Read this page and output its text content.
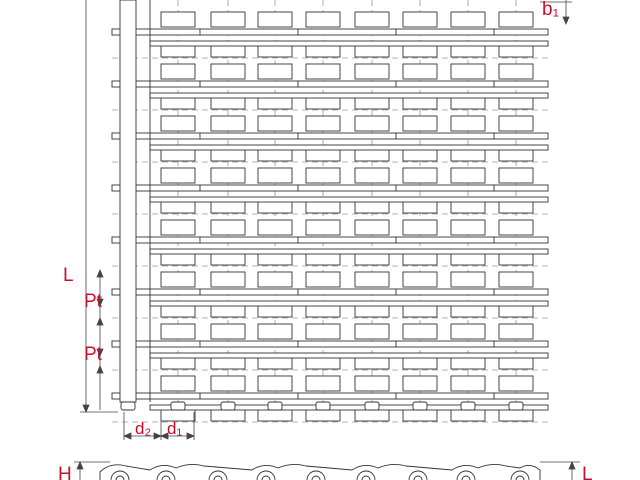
b₁
L
Pt
Pt
d₂ d₁
H	L
